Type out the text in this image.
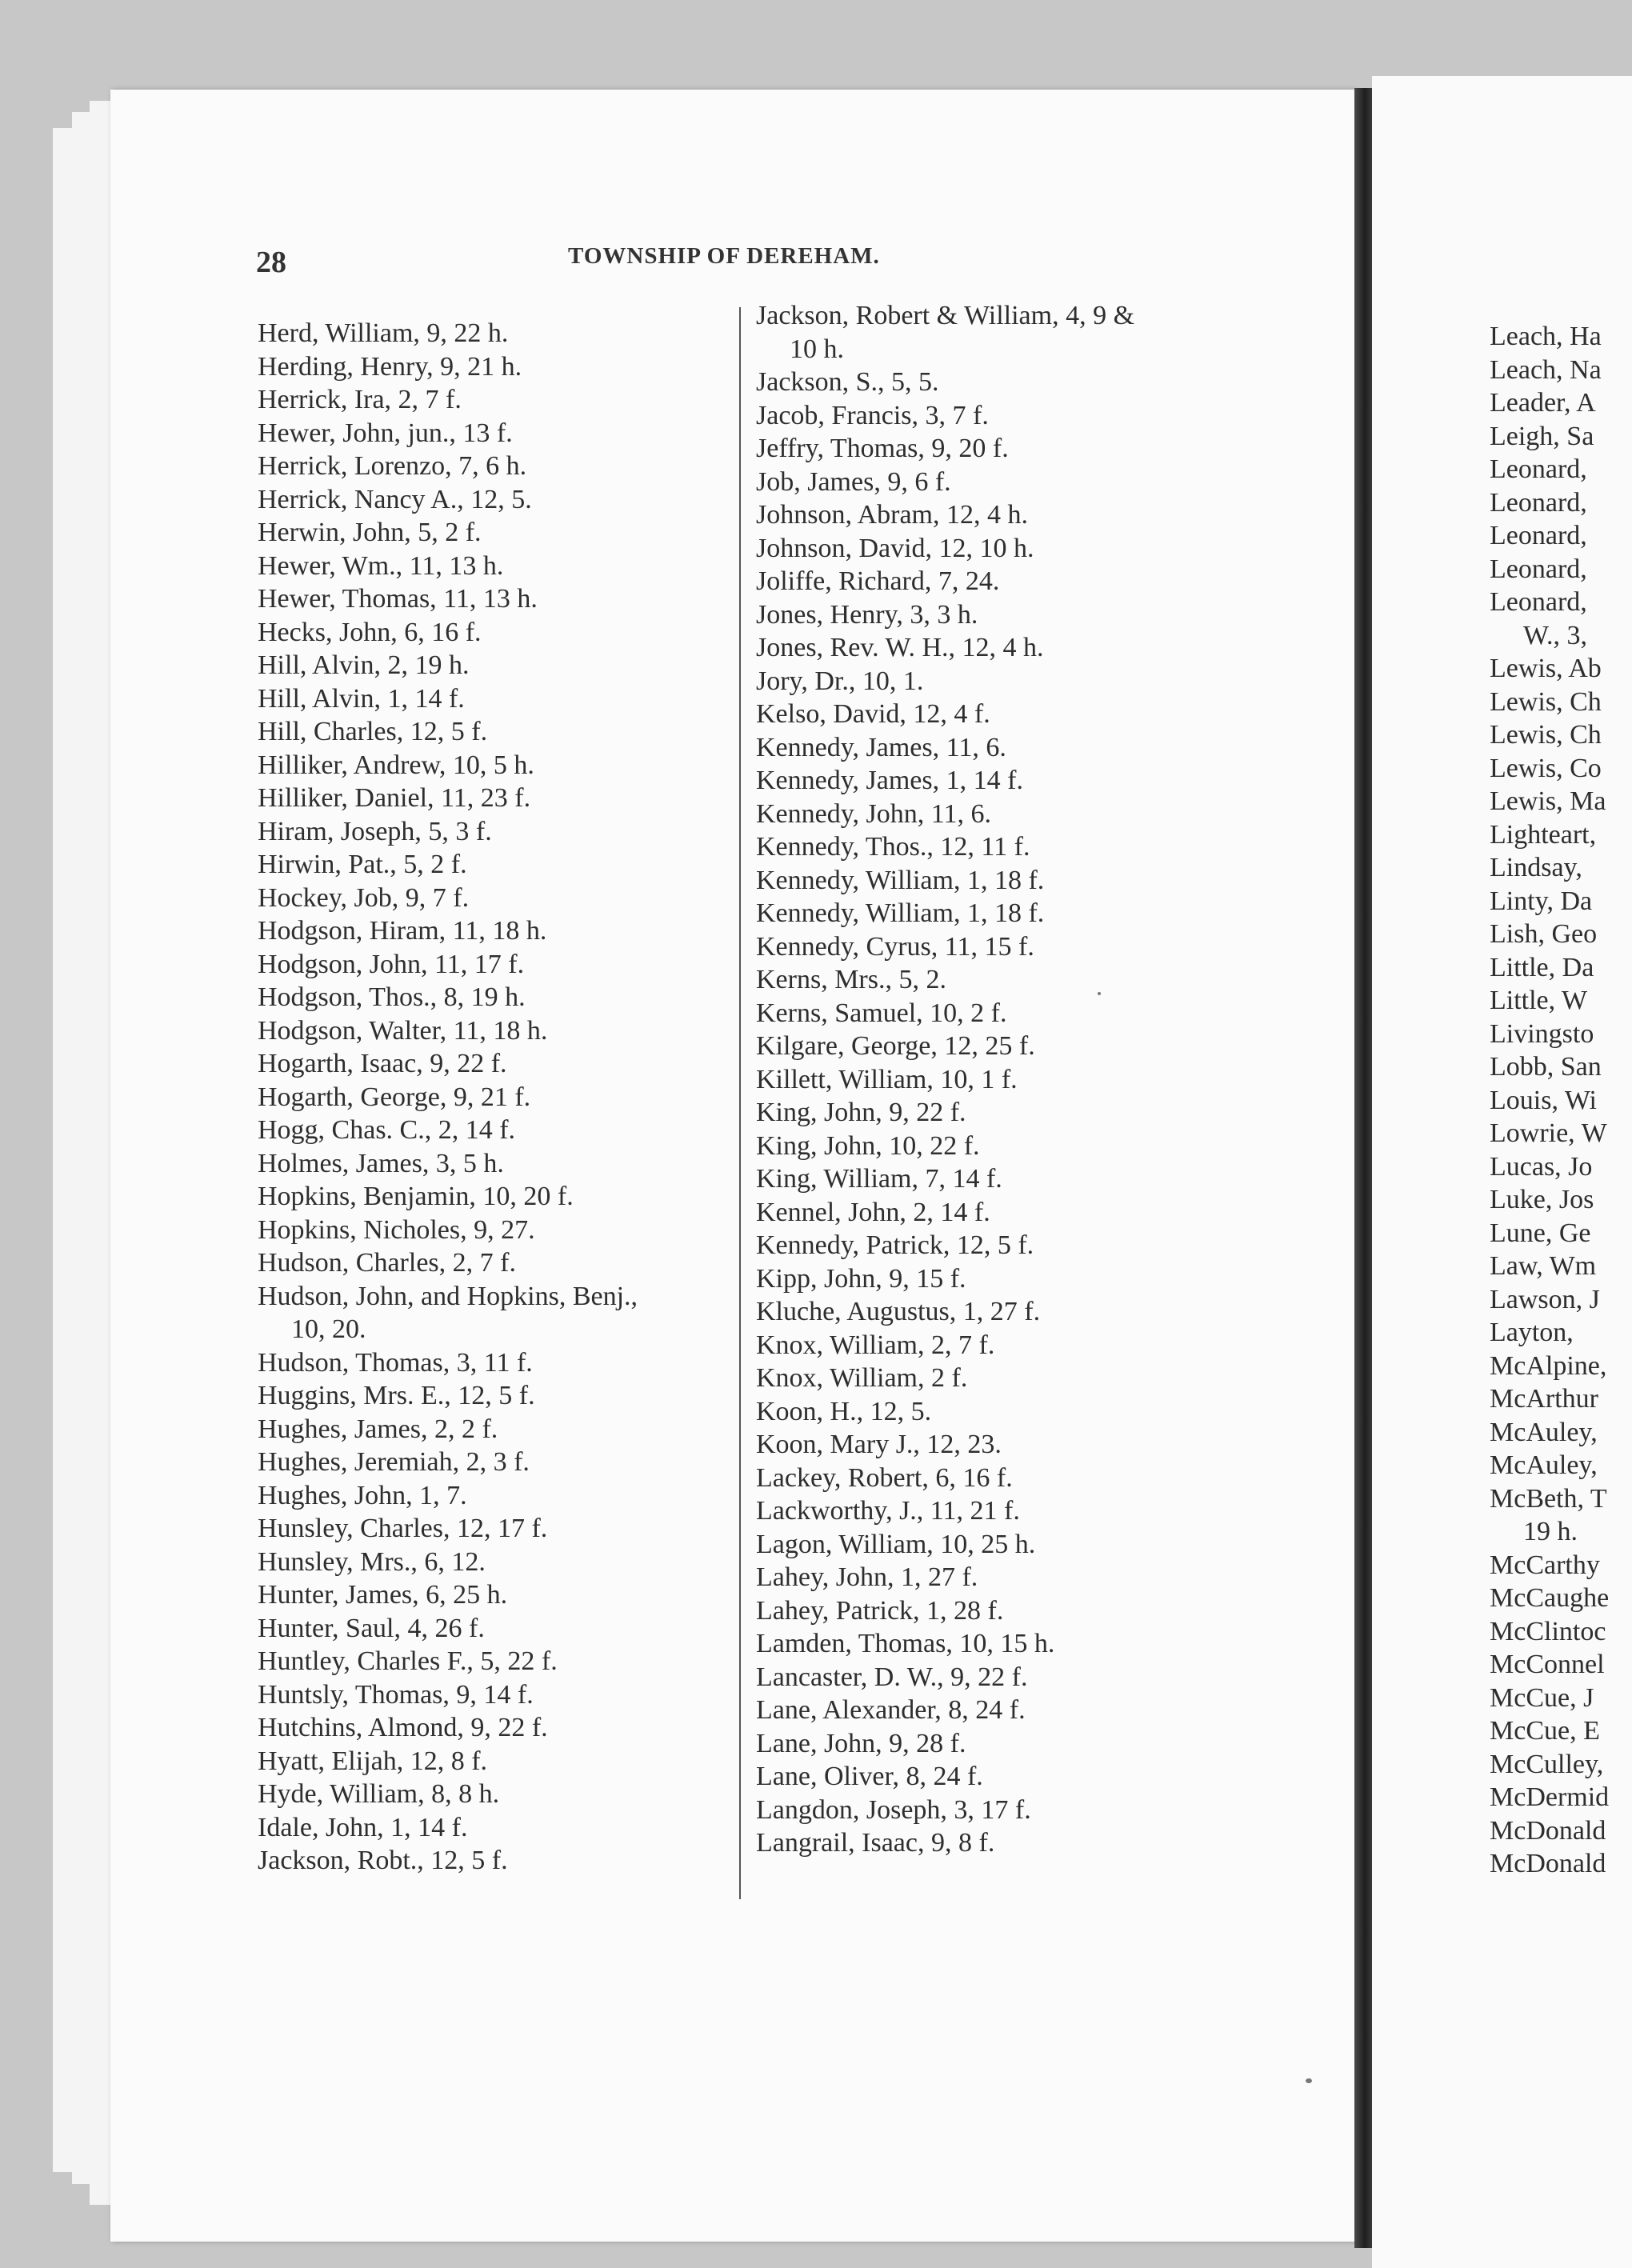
28	TOWNSHIP OF DEREHAM.
Herd, William, 9, 22 h.
Herding, Henry, 9, 21 h.
Herrick, Ira, 2, 7 f.
Hewer, John, jun., 13 f.
Herrick, Lorenzo, 7, 6 h.
Herrick, Nancy A., 12, 5.
Herwin, John, 5, 2 f.
Hewer, Wm., 11, 13 h.
Hewer, Thomas, 11, 13 h.
Hecks, John, 6, 16 f.
Hill, Alvin, 2, 19 h.
Hill, Alvin, 1, 14 f.
Hill, Charles, 12, 5 f.
Hilliker, Andrew, 10, 5 h.
Hilliker, Daniel, 11, 23 f.
Hiram, Joseph, 5, 3 f.
Hirwin, Pat., 5, 2 f.
Hockey, Job, 9, 7 f.
Hodgson, Hiram, 11, 18 h.
Hodgson, John, 11, 17 f.
Hodgson, Thos., 8, 19 h.
Hodgson, Walter, 11, 18 h.
Hogarth, Isaac, 9, 22 f.
Hogarth, George, 9, 21 f.
Hogg, Chas. C., 2, 14 f.
Holmes, James, 3, 5 h.
Hopkins, Benjamin, 10, 20 f.
Hopkins, Nicholes, 9, 27.
Hudson, Charles, 2, 7 f.
Hudson, John, and Hopkins, Benj.,
10, 20.
Hudson, Thomas, 3, 11 f.
Huggins, Mrs. E., 12, 5 f.
Hughes, James, 2, 2 f.
Hughes, Jeremiah, 2, 3 f.
Hughes, John, 1, 7.
Hunsley, Charles, 12, 17 f.
Hunsley, Mrs., 6, 12.
Hunter, James, 6, 25 h.
Hunter, Saul, 4, 26 f.
Huntley, Charles F., 5, 22 f.
Huntsly, Thomas, 9, 14 f.
Hutchins, Almond, 9, 22 f.
Hyatt, Elijah, 12, 8 f.
Hyde, William, 8, 8 h.
Idale, John, 1, 14 f.
Jackson, Robt., 12, 5 f.
Jackson, Robert & William, 4, 9 &
10 h.
Jackson, S., 5, 5.
Jacob, Francis, 3, 7 f.
Jeffry, Thomas, 9, 20 f.
Job, James, 9, 6 f.
Johnson, Abram, 12, 4 h.
Johnson, David, 12, 10 h.
Joliffe, Richard, 7, 24.
Jones, Henry, 3, 3 h.
Jones, Rev. W. H., 12, 4 h.
Jory, Dr., 10, 1.
Kelso, David, 12, 4 f.
Kennedy, James, 11, 6.
Kennedy, James, 1, 14 f.
Kennedy, John, 11, 6.
Kennedy, Thos., 12, 11 f.
Kennedy, William, 1, 18 f.
Kennedy, William, 1, 18 f.
Kennedy, Cyrus, 11, 15 f.
Kerns, Mrs., 5, 2.
Kerns, Samuel, 10, 2 f.
Kilgare, George, 12, 25 f.
Killett, William, 10, 1 f.
King, John, 9, 22 f.
King, John, 10, 22 f.
King, William, 7, 14 f.
Kennel, John, 2, 14 f.
Kennedy, Patrick, 12, 5 f.
Kipp, John, 9, 15 f.
Kluche, Augustus, 1, 27 f.
Knox, William, 2, 7 f.
Knox, William, 2 f.
Koon, H., 12, 5.
Koon, Mary J., 12, 23.
Lackey, Robert, 6, 16 f.
Lackworthy, J., 11, 21 f.
Lagon, William, 10, 25 h.
Lahey, John, 1, 27 f.
Lahey, Patrick, 1, 28 f.
Lamden, Thomas, 10, 15 h.
Lancaster, D. W., 9, 22 f.
Lane, Alexander, 8, 24 f.
Lane, John, 9, 28 f.
Lane, Oliver, 8, 24 f.
Langdon, Joseph, 3, 17 f.
Langrail, Isaac, 9, 8 f.
Leach, Ha
Leach, Na
Leader, A
Leigh, Sa
Leonard,
Leonard,
Leonard,
Leonard,
Leonard,
W., 3,
Lewis, Ab
Lewis, Ch
Lewis, Ch
Lewis, Co
Lewis, Ma
Lighteart,
Lindsay,
Linty, Da
Lish, Geo
Little, Da
Little, W
Livingsto
Lobb, San
Louis, Wi
Lowrie, W
Lucas, Jo
Luke, Jos
Lune, Ge
Law, Wm
Lawson, J
Layton,
McAlpine,
McArthur
McAuley,
McAuley,
McBeth, T
19 h.
McCarthy
McCaughe
McClintoc
McConnel
McCue, J
McCue, E
McCulley,
McDermid
McDonald
McDonald
